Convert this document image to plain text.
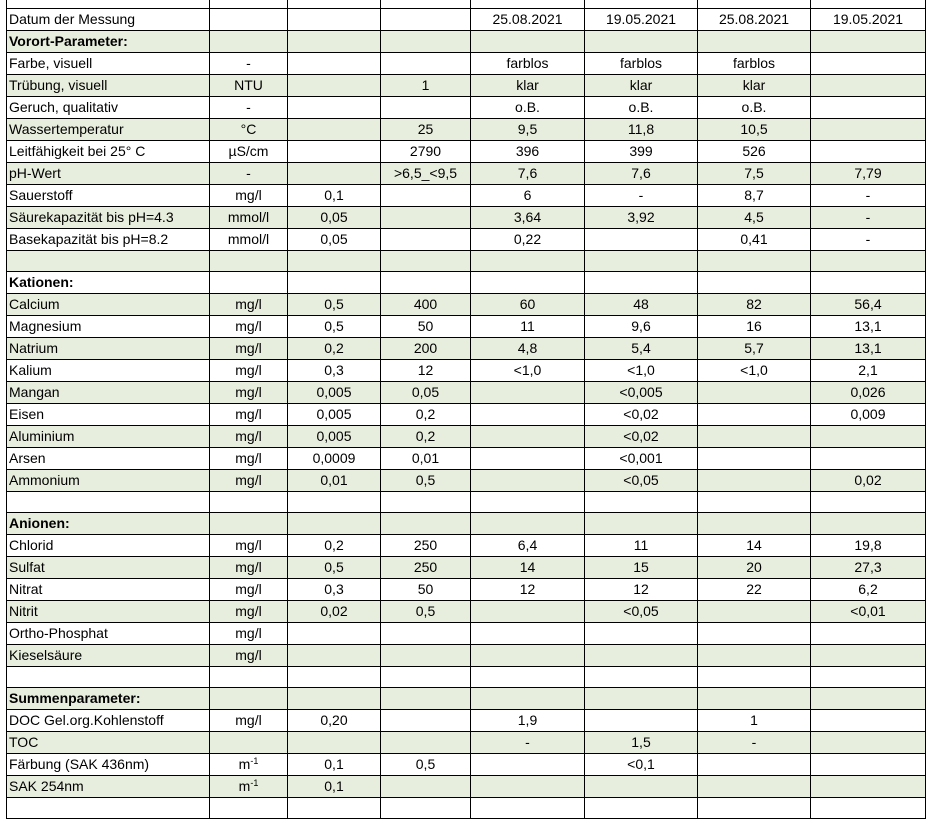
Datum der Messung				25.08.2021	19.05.2021	25.08.2021	19.05.2021
Vorort-Parameter:							
Farbe, visuell	-			farblos	farblos	farblos	
Trübung, visuell	NTU		1	klar	klar	klar	
Geruch, qualitativ	-			o.B.	o.B.	o.B.	
Wassertemperatur	°C		25	9,5	11,8	10,5	
Leitfähigkeit bei 25° C	µS/cm		2790	396	399	526	
pH-Wert	-		>6,5_<9,5	7,6	7,6	7,5	7,79
Sauerstoff	mg/l	0,1		6	-	8,7	-
Säurekapazität bis pH=4.3	mmol/l	0,05		3,64	3,92	4,5	-
Basekapazität bis pH=8.2	mmol/l	0,05		0,22		0,41	-

Kationen:							
Calcium	mg/l	0,5	400	60	48	82	56,4
Magnesium	mg/l	0,5	50	11	9,6	16	13,1
Natrium	mg/l	0,2	200	4,8	5,4	5,7	13,1
Kalium	mg/l	0,3	12	<1,0	<1,0	<1,0	2,1
Mangan	mg/l	0,005	0,05		<0,005		0,026
Eisen	mg/l	0,005	0,2		<0,02		0,009
Aluminium	mg/l	0,005	0,2		<0,02		
Arsen	mg/l	0,0009	0,01		<0,001		
Ammonium	mg/l	0,01	0,5		<0,05		0,02

Anionen:							
Chlorid	mg/l	0,2	250	6,4	11	14	19,8
Sulfat	mg/l	0,5	250	14	15	20	27,3
Nitrat	mg/l	0,3	50	12	12	22	6,2
Nitrit	mg/l	0,02	0,5		<0,05		<0,01
Ortho-Phosphat	mg/l						
Kieselsäure	mg/l						

Summenparameter:							
DOC Gel.org.Kohlenstoff	mg/l	0,20		1,9		1	
TOC				-	1,5	-	
Färbung (SAK 436nm)	$m^{-1}$	0,1	0,5		<0,1		
SAK 254nm	$m^{-1}$	0,1					
